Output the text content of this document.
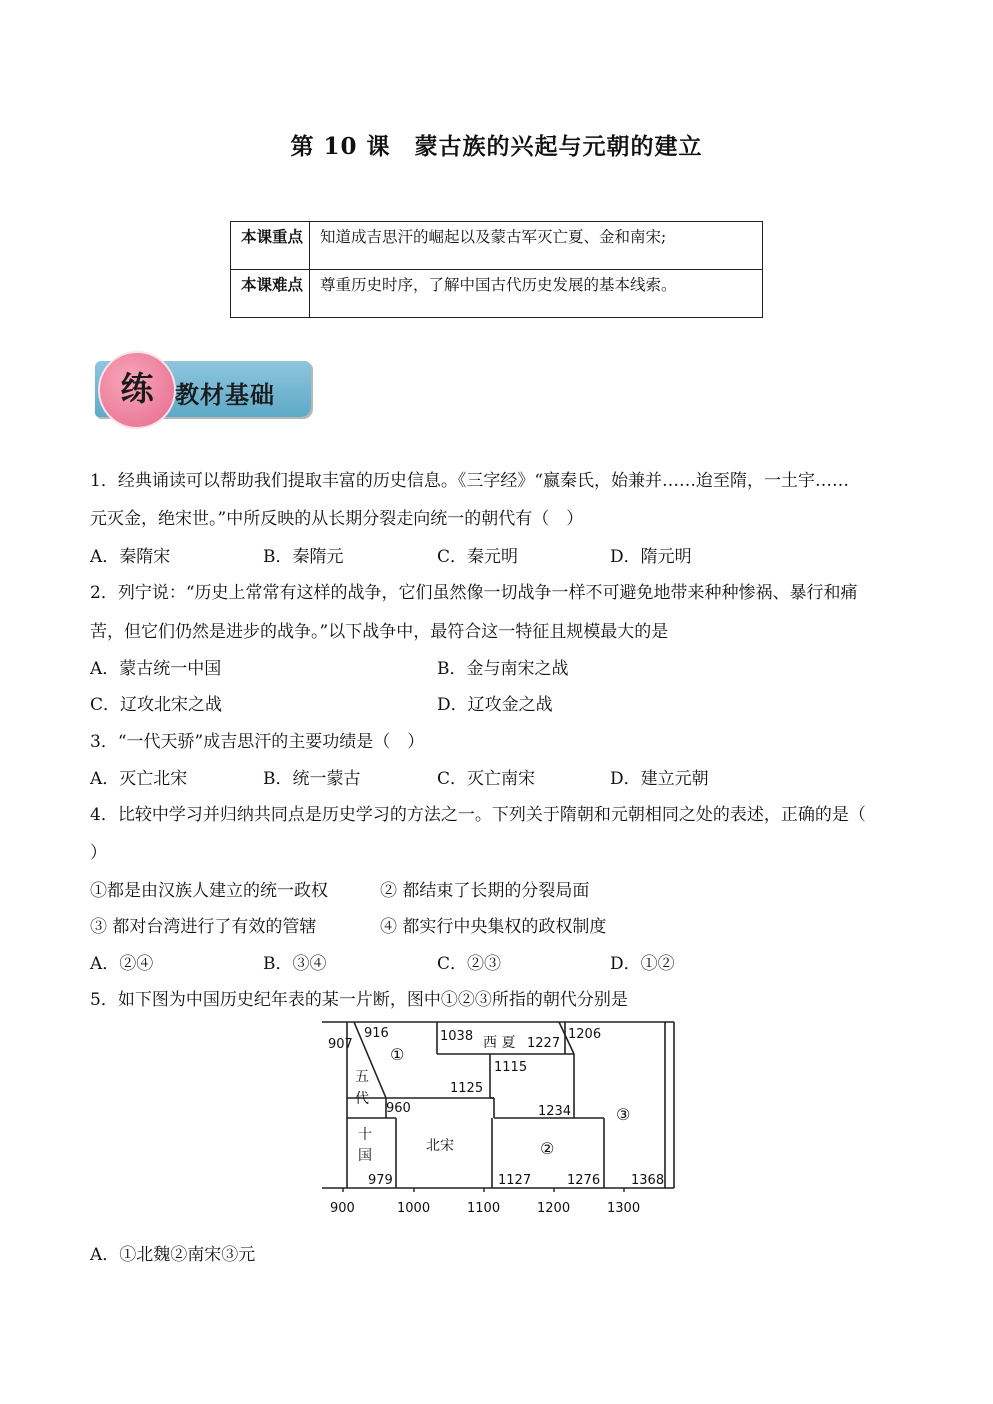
第 10 课　蒙古族的兴起与元朝的建立
本课重点	知道成吉思汗的崛起以及蒙古军灭亡夏、金和南宋;
本课难点	尊重历史时序，了解中国古代历史发展的基本线索。
练 教材基础
1．经典诵读可以帮助我们提取丰富的历史信息。《三字经》“嬴秦氏，始兼并……迨至隋，一土宇……
元灭金，绝宋世。”中所反映的从长期分裂走向统一的朝代有（　）
A．秦隋宋	B．秦隋元	C．秦元明	D．隋元明
2．列宁说：“历史上常常有这样的战争，它们虽然像一切战争一样不可避免地带来种种惨祸、暴行和痛
苦，但它们仍然是进步的战争。”以下战争中，最符合这一特征且规模最大的是
A．蒙古统一中国	B．金与南宋之战
C．辽攻北宋之战	D．辽攻金之战
3．“一代天骄”成吉思汗的主要功绩是（　）
A．灭亡北宋	B．统一蒙古	C．灭亡南宋	D．建立元朝
4．比较中学习并归纳共同点是历史学习的方法之一。下列关于隋朝和元朝相同之处的表述，正确的是（
）
①都是由汉族人建立的统一政权	② 都结束了长期的分裂局面
③ 都对台湾进行了有效的管辖	④ 都实行中央集权的政权制度
A．②④	B．③④	C．②③	D．①②
5．如下图为中国历史纪年表的某一片断，图中①②③所指的朝代分别是
907
916
①
1038 西 夏 1227
1206
五
代
1115
1125
960	1234	③
十
国
北宋	②
979	1127	1276 1368
900	1000	1100	1200	1300
A．①北魏②南宋③元
